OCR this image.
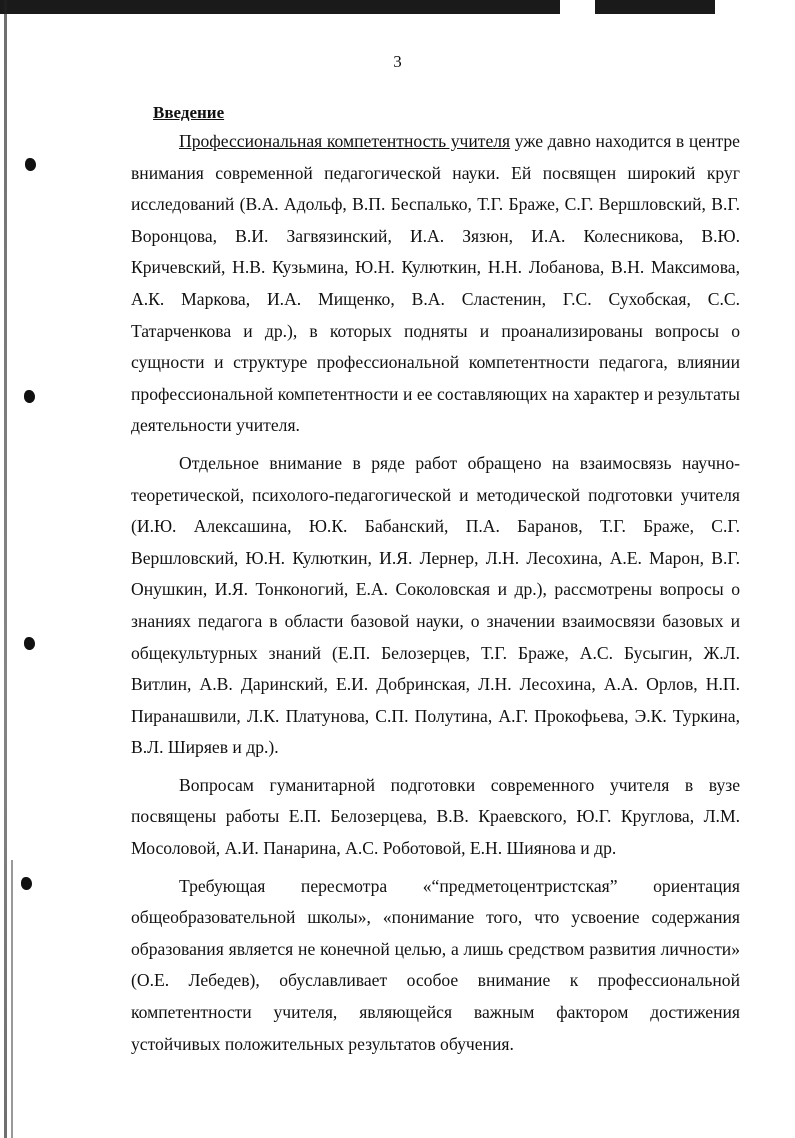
3
Введение

Профессиональная компетентность учителя уже давно находится в центре внимания современной педагогической науки. Ей посвящен широкий круг исследований (В.А. Адольф, В.П. Беспалько, Т.Г. Браже, С.Г. Вершловский, В.Г. Воронцова, В.И. Загвязинский, И.А. Зязюн, И.А. Колесникова, В.Ю. Кричевский, Н.В. Кузьмина, Ю.Н. Кулюткин, Н.Н. Лобанова, В.Н. Максимова, А.К. Маркова, И.А. Мищенко, В.А. Сластенин, Г.С. Сухобская, С.С. Татарченкова и др.), в которых подняты и проанализированы вопросы о сущности и структуре профессиональной компетентности педагога, влиянии профессиональной компетентности и ее составляющих на характер и результаты деятельности учителя.

Отдельное внимание в ряде работ обращено на взаимосвязь научно-теоретической, психолого-педагогической и методической подготовки учителя (И.Ю. Алексашина, Ю.К. Бабанский, П.А. Баранов, Т.Г. Браже, С.Г. Вершловский, Ю.Н. Кулюткин, И.Я. Лернер, Л.Н. Лесохина, А.Е. Марон, В.Г. Онушкин, И.Я. Тонконогий, Е.А. Соколовская и др.), рассмотрены вопросы о знаниях педагога в области базовой науки, о значении взаимосвязи базовых и общекультурных знаний (Е.П. Белозерцев, Т.Г. Браже, А.С. Бусыгин, Ж.Л. Витлин, А.В. Даринский, Е.И. Добринская, Л.Н. Лесохина, А.А. Орлов, Н.П. Пиранашвили, Л.К. Платунова, С.П. Полутина, А.Г. Прокофьева, Э.К. Туркина, В.Л. Ширяев и др.).

Вопросам гуманитарной подготовки современного учителя в вузе посвящены работы Е.П. Белозерцева, В.В. Краевского, Ю.Г. Круглова, Л.М. Мосоловой, А.И. Панарина, А.С. Роботовой, Е.Н. Шиянова и др.

Требующая пересмотра «“предметоцентристская” ориентация общеобразовательной школы», «понимание того, что усвоение содержания образования является не конечной целью, а лишь средством развития личности» (О.Е. Лебедев), обуславливает особое внимание к профессиональной компетентности учителя, являющейся важным фактором достижения устойчивых положительных результатов обучения.
